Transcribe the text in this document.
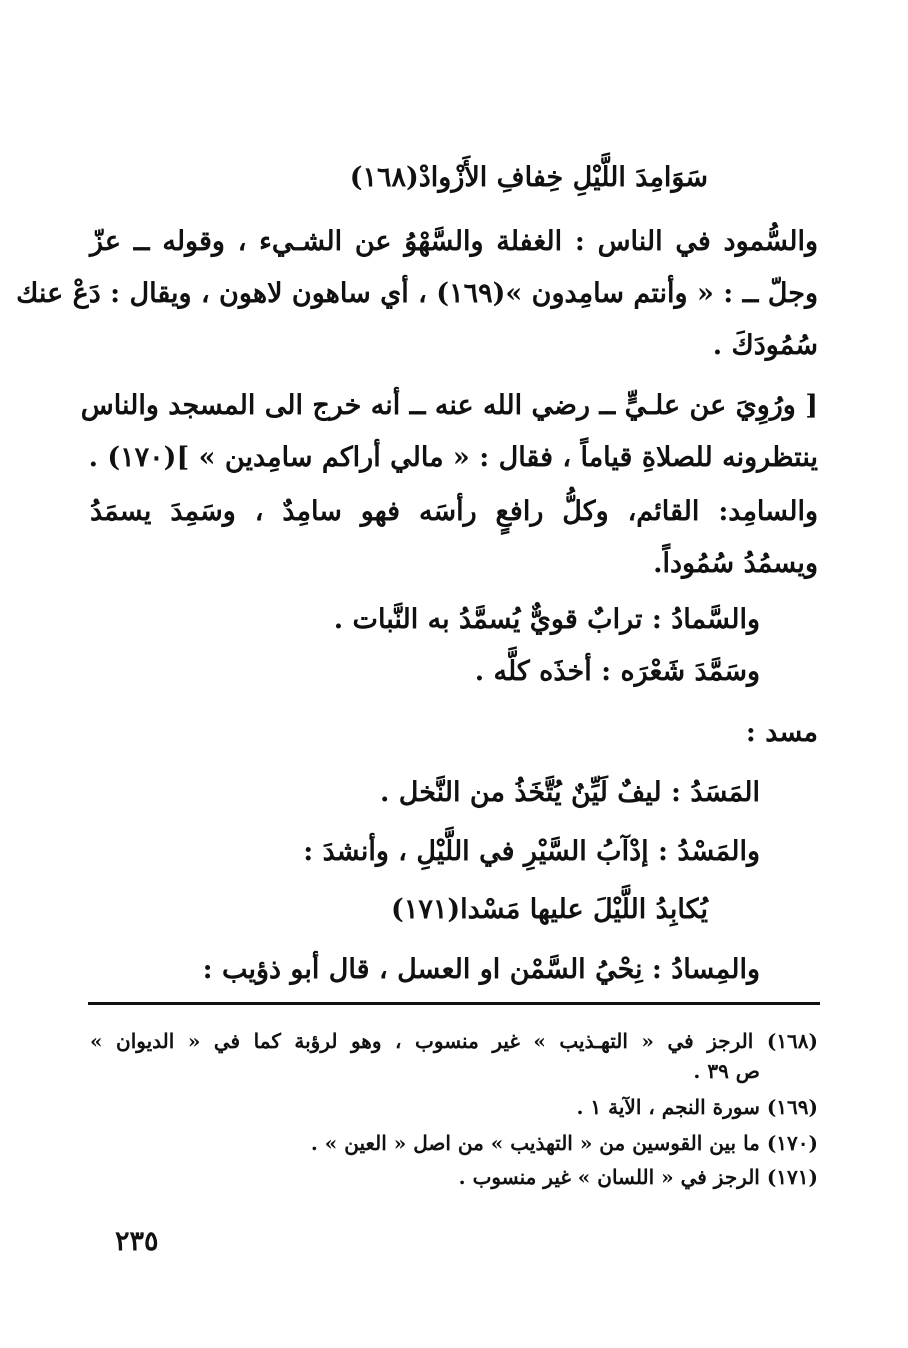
سَوَامِدَ اللَّيْلِ خِفافِ الأَزْوادْ(١٦٨)
والسُّمود في الناس : الغفلة والسَّهْوُ عن الشـيء ، وقوله ــ عزّ
وجلّ ــ : « وأنتم سامِدون »(١٦٩) ، أي ساهون لاهون ، ويقال : دَعْ عنك
سُمُودَكَ .
[ ورُوِيَ عن علـيٍّ ــ رضي الله عنه ــ أنه خرج الى المسجد والناس
ينتظرونه للصلاةِ قياماً ، فقال : « مالي أراكم سامِدين » ](١٧٠) .
والسامِد: القائم، وكلُّ رافعٍ رأسَه فهو سامِدٌ ، وسَمِدَ يسمَدُ
ويسمُدُ سُمُوداً.
والسَّمادُ : ترابٌ قويٌّ يُسمَّدُ به النَّبات .
وسَمَّدَ شَعْرَه : أخذَه كلَّه .
مسد :
المَسَدُ : ليفٌ لَيِّنٌ يُتَّخَذُ من النَّخل .
والمَسْدُ : إدْآبُ السَّيْرِ في اللَّيْلِ ، وأنشدَ :
يُكابِدُ اللَّيْلَ عليها مَسْدا(١٧١)
والمِسادُ : نِحْيُ السَّمْن او العسل ، قال أبو ذؤيب :
(١٦٨) الرجز في « التهـذيب » غير منسوب ، وهو لرؤبة كما في « الديوان »
ص ٣٩ .
(١٦٩) سورة النجم ، الآية ١ .
(١٧٠) ما بين القوسين من « التهذيب » من اصل « العين » .
(١٧١) الرجز في « اللسان » غير منسوب .
٢٣٥
